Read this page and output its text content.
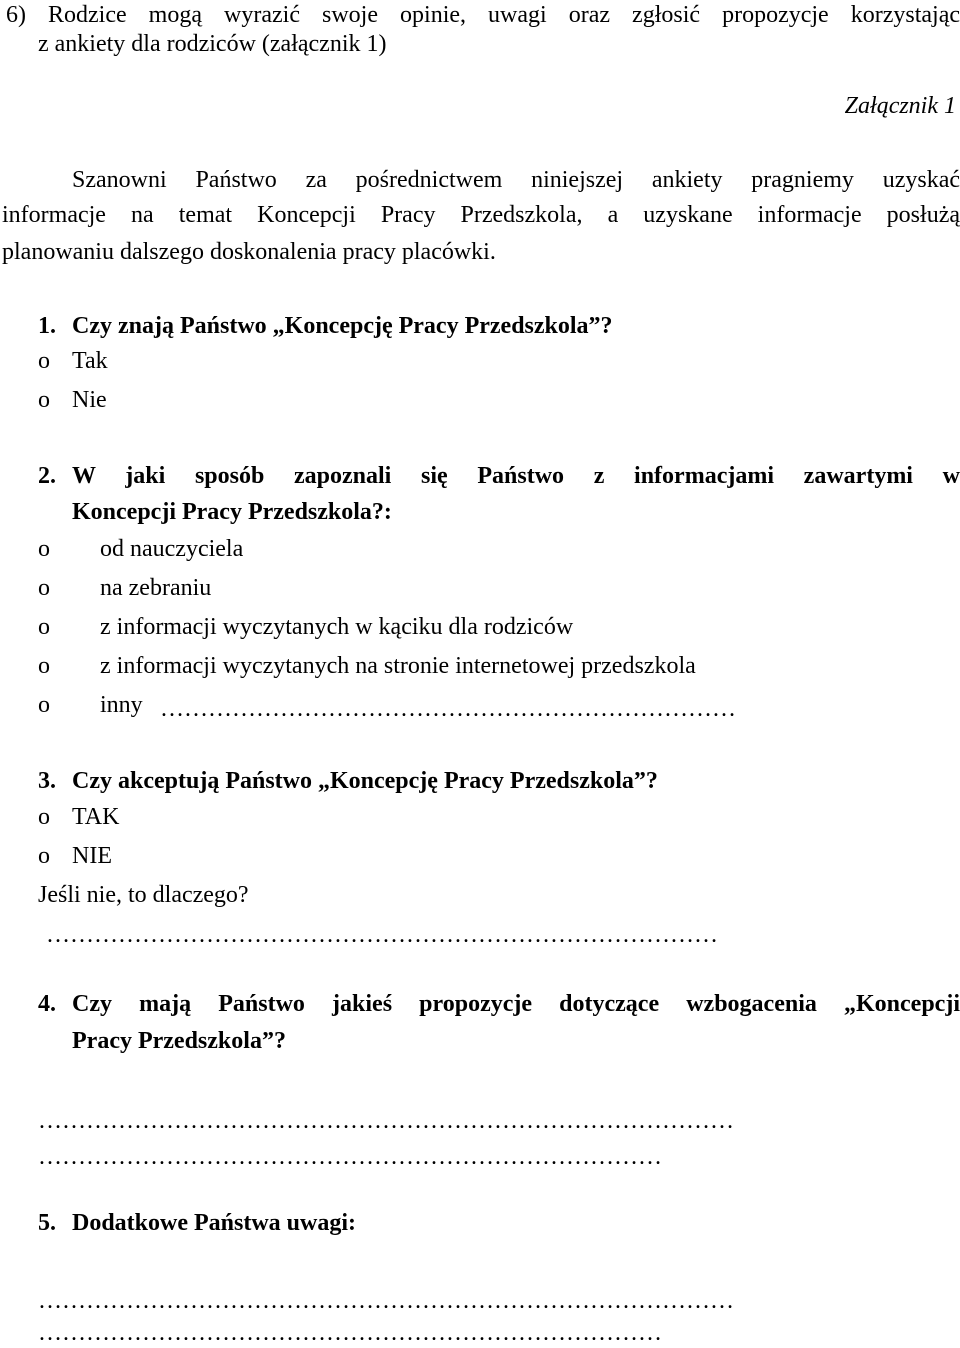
6) Rodzice mogą wyrazić swoje opinie, uwagi oraz zgłosić propozycje korzystając
z ankiety dla rodziców (załącznik 1)
Załącznik 1
Szanowni Państwo za pośrednictwem niniejszej ankiety pragniemy uzyskać
informacje na temat Koncepcji Pracy Przedszkola, a uzyskane informacje posłużą
planowaniu dalszego doskonalenia pracy placówki.
1. Czy znają Państwo „Koncepcję Pracy Przedszkola”?
o Tak
o Nie
2. W jaki sposób zapoznali się Państwo z informacjami zawartymi w
Koncepcji Pracy Przedszkola?:
o od nauczyciela
o na zebraniu
o z informacji wyczytanych w kąciku dla rodziców
o z informacji wyczytanych na stronie internetowej przedszkola
o inny ………………………………………………………………
3. Czy akceptują Państwo „Koncepcję Pracy Przedszkola”?
o TAK
o NIE
Jeśli nie, to dlaczego?
…………………………………………………………………………
4. Czy mają Państwo jakieś propozycje dotyczące wzbogacenia „Koncepcji
Pracy Przedszkola”?
……………………………………………………………………………
……………………………………………………………………
5. Dodatkowe Państwa uwagi:
……………………………………………………………………………
……………………………………………………………………
